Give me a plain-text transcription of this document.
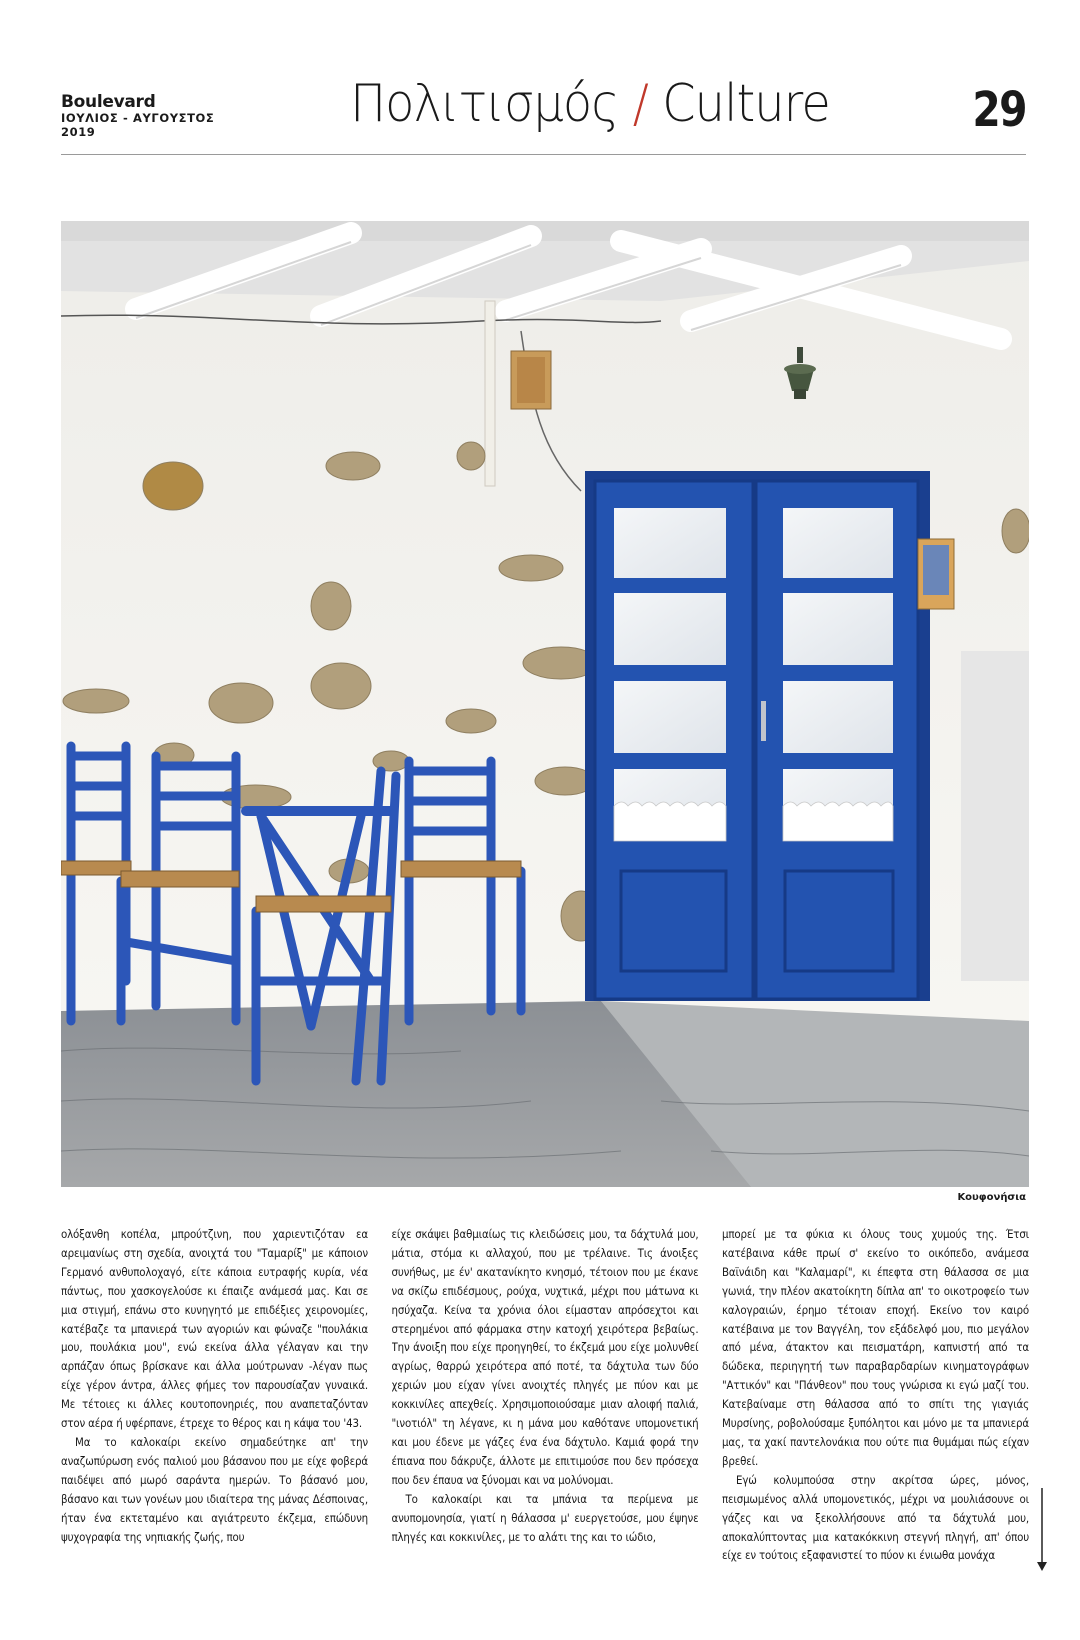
Boulevard
ΙΟΥΛΙΟΣ - ΑΥΓΟΥΣΤΟΣ 2019	Πολιτισμός / Culture	29
Κουφονήσια

ολόξανθη κοπέλα, μπρούτζινη, που χαριεντιζόταν εα αρειμανίως στη σχεδία, ανοιχτά του "Ταμαρίξ" με κάποιον Γερμανό ανθυπολοχαγό, είτε κάποια ευτραφής κυρία, νέα πάντως, που χασκογελούσε κι έπαιζε ανάμεσά μας. Και σε μια στιγμή, επάνω στο κυνηγητό με επιδέξιες χειρονομίες, κατέβαζε τα μπανιερά των αγοριών και φώναζε "πουλάκια μου, πουλάκια μου", ενώ εκείνα άλλα γέλαγαν και την αρπάζαν όπως βρίσκανε και άλλα μούτρωναν -λέγαν πως είχε γέρον άντρα, άλλες φήμες τον παρουσίαζαν γυναικά. Με τέτοιες κι άλλες κουτοπονηριές, που αναπεταζόνταν στον αέρα ή υφέρπανε, έτρεχε το θέρος και η κάψα του '43.

Μα το καλοκαίρι εκείνο σημαδεύτηκε απ' την αναζωπύρωση ενός παλιού μου βάσανου που με είχε φοβερά παιδέψει από μωρό σαράντα ημερών. Το βάσανό μου, βάσανο και των γονέων μου ιδιαίτερα της μάνας Δέσποινας, ήταν ένα εκτεταμένο και αγιάτρευτο έκζεμα, επώδυνη ψυχογραφία της νηπιακής ζωής, που

είχε σκάψει βαθμιαίως τις κλειδώσεις μου, τα δάχτυλά μου, μάτια, στόμα κι αλλαχού, που με τρέλαινε. Τις άνοιξες συνήθως, με έν' ακατανίκητο κνησμό, τέτοιον που με έκανε να σκίζω επιδέσμους, ρούχα, νυχτικά, μέχρι που μάτωνα κι ησύχαζα. Κείνα τα χρόνια όλοι είμασταν απρόσεχτοι και στερημένοι από φάρμακα στην κατοχή χειρότερα βεβαίως. Την άνοιξη που είχε προηγηθεί, το έκζεμά μου είχε μολυνθεί αγρίως, θαρρώ χειρότερα από ποτέ, τα δάχτυλα των δύο χεριών μου είχαν γίνει ανοιχτές πληγές με πύον και με κοκκινίλες απεχθείς. Χρησιμοποιούσαμε μιαν αλοιφή παλιά, "ινοτιόλ" τη λέγανε, κι η μάνα μου καθότανε υπομονετική και μου έδενε με γάζες ένα ένα δάχτυλο. Καμιά φορά την έπιανα που δάκρυζε, άλλοτε με επιτιμούσε που δεν πρόσεχα που δεν έπαυα να ξύνομαι και να μολύνομαι.

Το καλοκαίρι και τα μπάνια τα περίμενα με ανυπομονησία, γιατί η θάλασσα μ' ευεργετούσε, μου έψηνε πληγές και κοκκινίλες, με το αλάτι της και το ιώδιο,

μπορεί με τα φύκια κι όλους τους χυμούς της. Έτσι κατέβαινα κάθε πρωί σ' εκείνο το οικόπεδο, ανάμεσα Βαϊνάιδη και "Καλαμαρί", κι έπεφτα στη θάλασσα σε μια γωνιά, την πλέον ακατοίκητη δίπλα απ' το οικοτροφείο των καλογραιών, έρημο τέτοιαν εποχή. Εκείνο τον καιρό κατέβαινα με τον Βαγγέλη, τον εξάδελφό μου, πιο μεγάλον από μένα, άτακτον και πεισματάρη, καπνιστή από τα δώδεκα, περιηγητή των παραβαρδαρίων κινηματογράφων "Αττικόν" και "Πάνθεον" που τους γνώρισα κι εγώ μαζί του. Κατεβαίναμε στη θάλασσα από το σπίτι της γιαγιάς Μυρσίνης, ροβολούσαμε ξυπόλητοι και μόνο με τα μπανιερά μας, τα χακί παντελονάκια που ούτε πια θυμάμαι πώς είχαν βρεθεί.

Εγώ κολυμπούσα στην ακρίτσα ώρες, μόνος, πεισμωμένος αλλά υπομονετικός, μέχρι να μουλιάσουνε οι γάζες και να ξεκολλήσουνε από τα δάχτυλά μου, αποκαλύπτοντας μια κατακόκκινη στεγνή πληγή, απ' όπου είχε εν τούτοις εξαφανιστεί το πύον κι ένιωθα μονάχα
